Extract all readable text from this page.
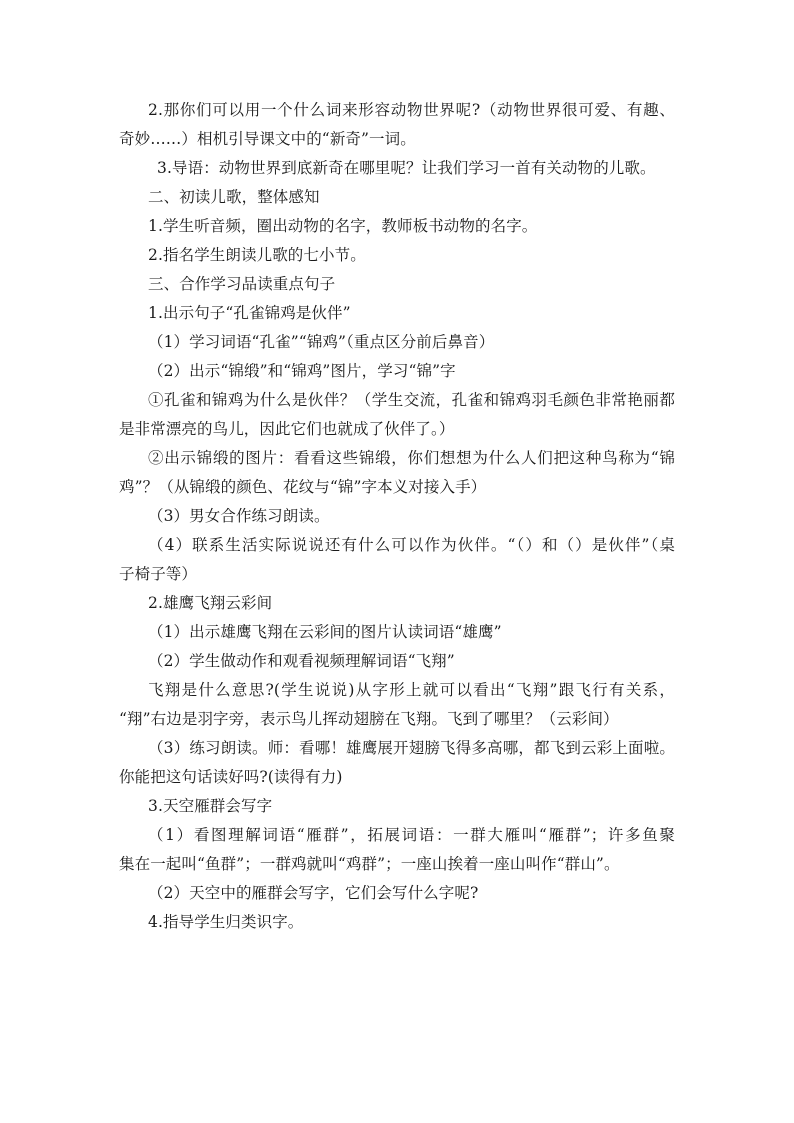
2.那你们可以用一个什么词来形容动物世界呢?（动物世界很可爱、有趣、
奇妙……）相机引导课文中的“新奇”一词。
3.导语：动物世界到底新奇在哪里呢？让我们学习一首有关动物的儿歌。
二、初读儿歌，整体感知
1.学生听音频，圈出动物的名字，教师板书动物的名字。
2.指名学生朗读儿歌的七小节。
三、合作学习品读重点句子
1.出示句子“孔雀锦鸡是伙伴”
（1）学习词语“孔雀”“锦鸡”（重点区分前后鼻音）
（2）出示“锦缎”和“锦鸡”图片，学习“锦”字
①孔雀和锦鸡为什么是伙伴？（学生交流，孔雀和锦鸡羽毛颜色非常艳丽都
是非常漂亮的鸟儿，因此它们也就成了伙伴了。）
②出示锦缎的图片：看看这些锦缎，你们想想为什么人们把这种鸟称为“锦
鸡”？（从锦缎的颜色、花纹与“锦”字本义对接入手）
（3）男女合作练习朗读。
（4）联系生活实际说说还有什么可以作为伙伴。“（）和（）是伙伴”（桌
子椅子等）
2.雄鹰飞翔云彩间
（1）出示雄鹰飞翔在云彩间的图片认读词语“雄鹰”
（2）学生做动作和观看视频理解词语“飞翔”
飞翔是什么意思?(学生说说)从字形上就可以看出“飞翔”跟飞行有关系，
“翔”右边是羽字旁，表示鸟儿挥动翅膀在飞翔。飞到了哪里？（云彩间）
（3）练习朗读。师：看哪！雄鹰展开翅膀飞得多高哪，都飞到云彩上面啦。
你能把这句话读好吗?(读得有力)
3.天空雁群会写字
（1）看图理解词语“雁群”，拓展词语：一群大雁叫“雁群”；许多鱼聚
集在一起叫“鱼群”；一群鸡就叫“鸡群”；一座山挨着一座山叫作“群山”。
（2）天空中的雁群会写字，它们会写什么字呢?
4.指导学生归类识字。
